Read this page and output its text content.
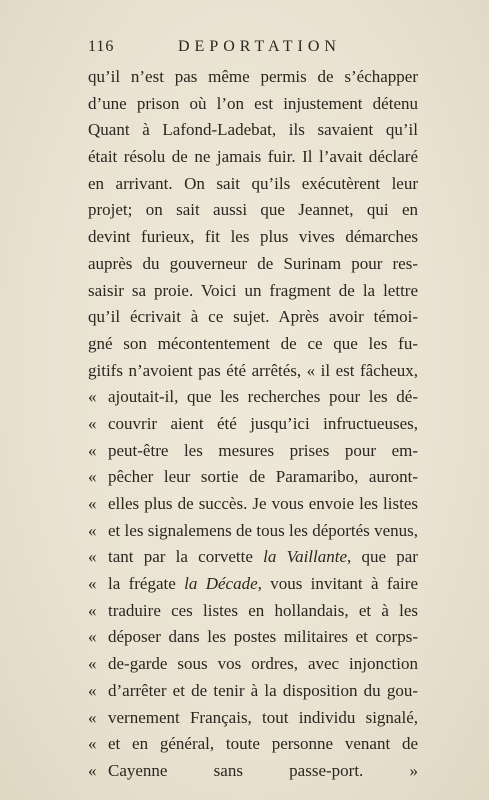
116	DEPORTATION
qu’il n’est pas même permis de s’échapper
d’une prison où l’on est injustement détenu
Quant à Lafond-Ladebat, ils savaient qu’il
était résolu de ne jamais fuir. Il l’avait déclaré
en arrivant. On sait qu’ils exécutèrent leur
projet; on sait aussi que Jeannet, qui en
devint furieux, fit les plus vives démarches
auprès du gouverneur de Surinam pour res-
saisir sa proie. Voici un fragment de la lettre
qu’il écrivait à ce sujet. Après avoir témoi-
gné son mécontentement de ce que les fu-
gitifs n’avoient pas été arrêtés, « il est fâcheux,
« ajoutait-il, que les recherches pour les dé-
« couvrir aient été jusqu’ici infructueuses,
« peut-être les mesures prises pour em-
« pêcher leur sortie de Paramaribo, auront-
« elles plus de succès. Je vous envoie les listes
« et les signalemens de tous les déportés venus,
« tant par la corvette la Vaillante, que par
« la frégate la Décade, vous invitant à faire
« traduire ces listes en hollandais, et à les
« déposer dans les postes militaires et corps-
« de-garde sous vos ordres, avec injonction
« d’arrêter et de tenir à la disposition du gou-
« vernement Français, tout individu signalé,
« et en général, toute personne venant de
« Cayenne sans passe-port. »
